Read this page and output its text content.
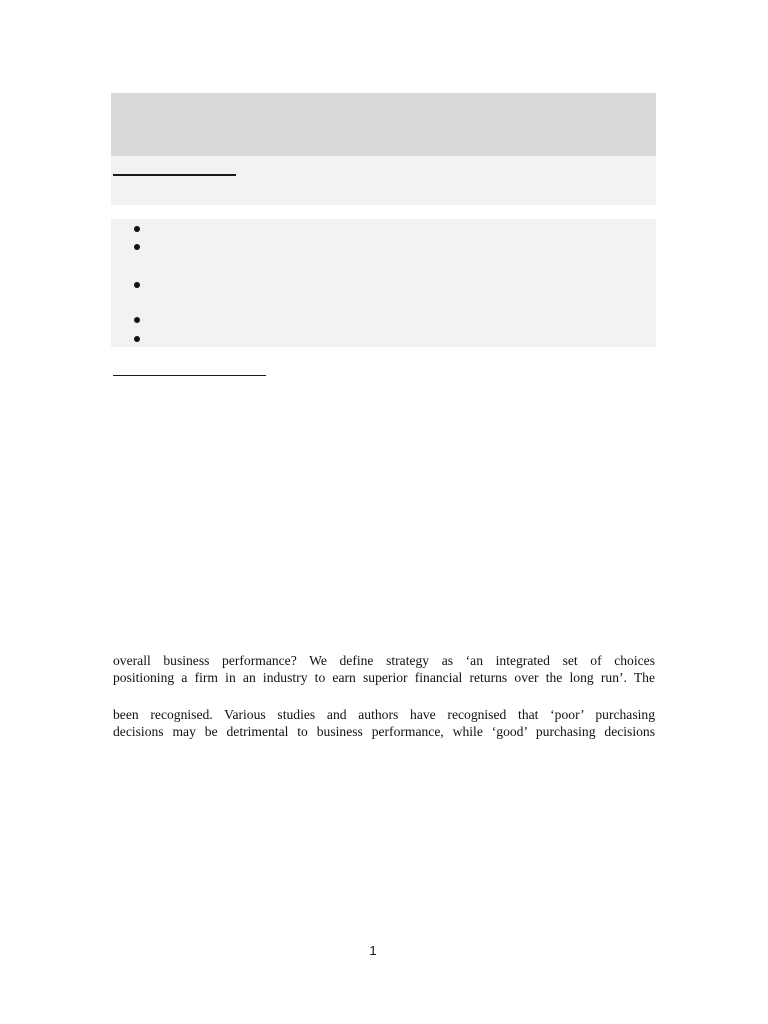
overall business performance? We define strategy as ‘an integrated set of choices
positioning a firm in an industry to earn superior financial returns over the long run’. The
been recognised. Various studies and authors have recognised that ‘poor’ purchasing
decisions may be detrimental to business performance, while ‘good’ purchasing decisions
1
